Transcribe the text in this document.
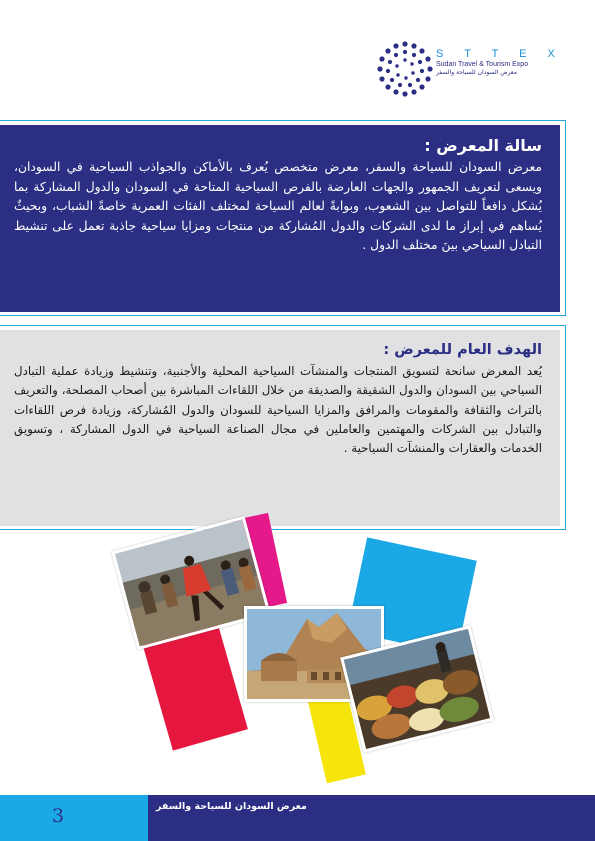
S T T E X
Sudan Travel & Tourism Expo
معرض السودان للسياحة والسفر
سالة المعرض :

معرض السودان للسياحة والسفر، معرض متخصص يُعرف بالأماكن والجواذب السياحية في السودان، ويسعى لتعريف الجمهور والجهات العارضة بالفرص السياحية المتاحة في السودان والدول المشاركة بما يُشكل دافعاً للتواصل بين الشعوب، وبوابةً لعالم السياحة لمختلف الفئات العمرية خاصةً الشباب، وبحيثٌ يُساهم في إبراز ما لدى الشركات والدول المُشاركة من منتجات ومزايا سياحية جاذبة تعمل على تنشيط التبادل السياحي بينَ مختلف الدول .

الهدف العام للمعرض :

يُعد المعرض سانحة لتسويق المنتجات والمنشآت السياحية المحلية والأجنبية، وتنشيط وزيادة عملية التبادل السياحي بين السودان والدول الشقيقة والصديقة من خلال اللقاءات المباشرة بين أصحاب المصلحة، والتعريف بالتراث والثقافة والمقومات والمرافق والمزايا السياحية للسودان والدول المُشاركة، وزيادة فرص اللقاءات والتبادل بين الشركات والمهتمين والعاملين في مجال الصناعة السياحية في الدول المشاركة ، وتسويق الخدمات والعقارات والمنشآت السياحية .

3	معرض السودان للسياحة والسفر
